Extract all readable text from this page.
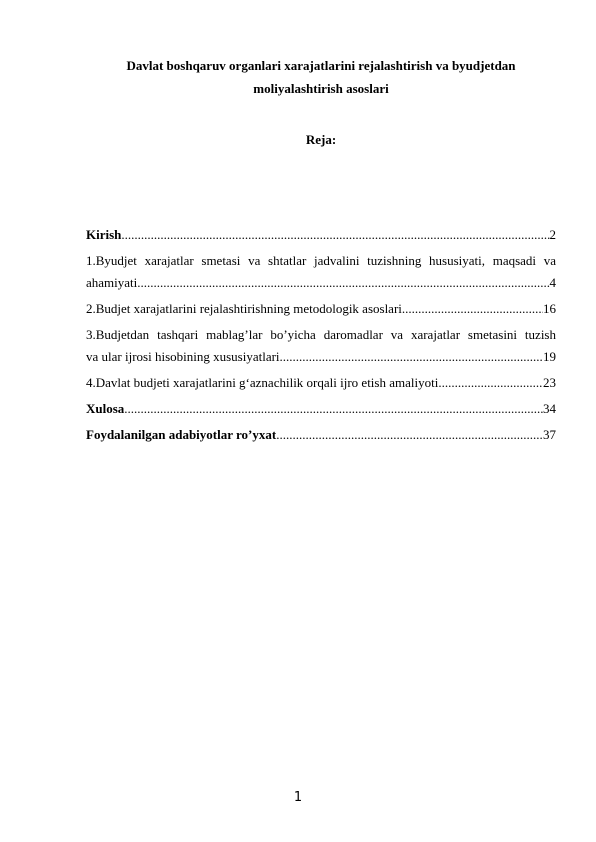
Davlat boshqaruv organlari xarajatlarini rejalashtirish va byudjetdan
moliyalashtirish asoslari
Reja:
Kirish .....	2
1.Byudjet xarajatlar smetasi va shtatlar jadvalini tuzishning hususiyati, maqsadi va
ahamiyati .....	4
2.Budjet xarajatlarini rejalashtirishning metodologik asoslari .....	16
3.Budjetdan tashqari mablag’lar bo’yicha daromadlar va xarajatlar smetasini tuzish
va ular ijrosi hisobining xususiyatlari .....	19
4.Davlat budjeti xarajatlarini g‘aznachilik orqali ijro etish amaliyoti .....	23
Xulosa .....	34
Foydalanilgan adabiyotlar ro’yxat .....	37
1
